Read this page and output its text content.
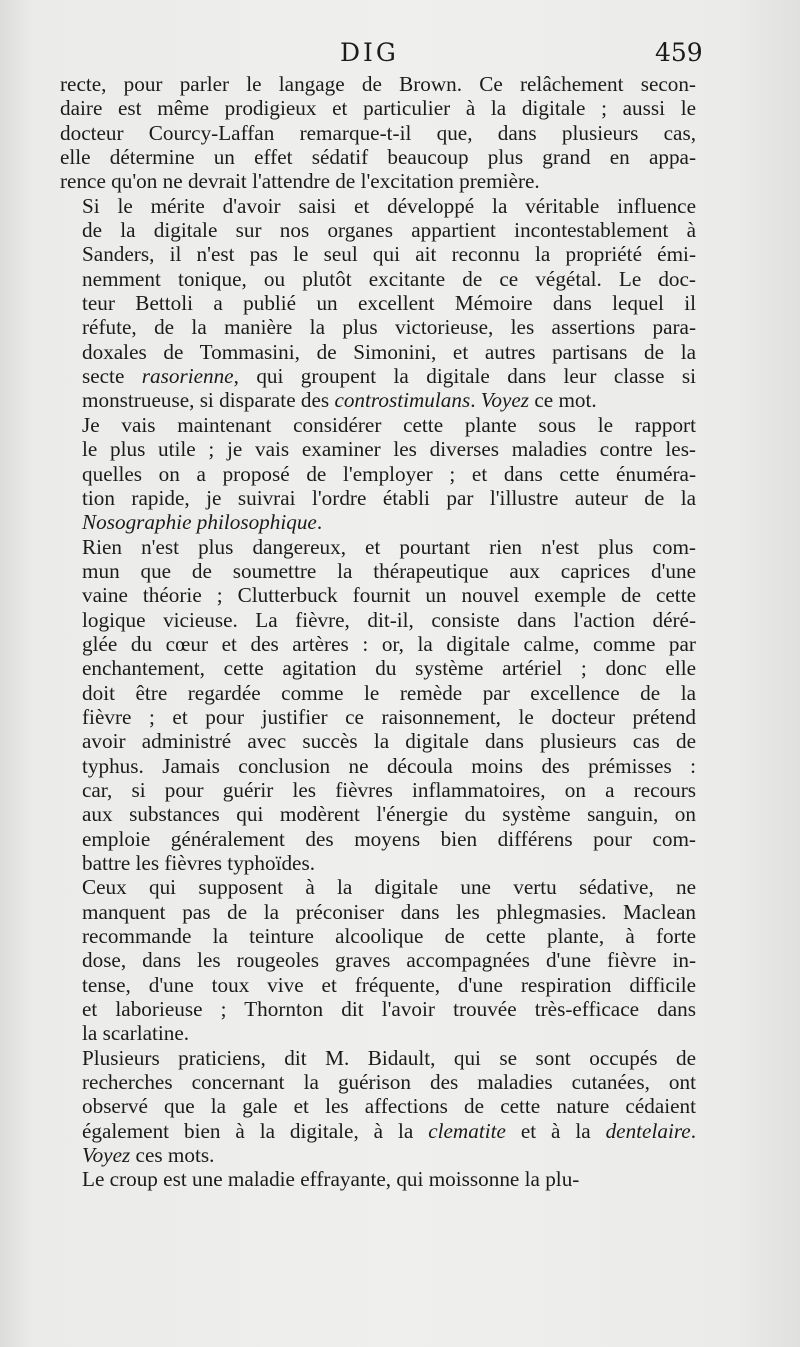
DIG	459
recte, pour parler le langage de Brown. Ce relâchement secon-
daire est même prodigieux et particulier à la digitale ; aussi le
docteur Courcy-Laffan remarque-t-il que, dans plusieurs cas,
elle détermine un effet sédatif beaucoup plus grand en appa-
rence qu'on ne devrait l'attendre de l'excitation première.
Si le mérite d'avoir saisi et développé la véritable influence
de la digitale sur nos organes appartient incontestablement à
Sanders, il n'est pas le seul qui ait reconnu la propriété émi-
nemment tonique, ou plutôt excitante de ce végétal. Le doc-
teur Bettoli a publié un excellent Mémoire dans lequel il
réfute, de la manière la plus victorieuse, les assertions para-
doxales de Tommasini, de Simonini, et autres partisans de la
secte rasorienne, qui groupent la digitale dans leur classe si
monstrueuse, si disparate des controstimulans. Voyez ce mot.
Je vais maintenant considérer cette plante sous le rapport
le plus utile ; je vais examiner les diverses maladies contre les-
quelles on a proposé de l'employer ; et dans cette énuméra-
tion rapide, je suivrai l'ordre établi par l'illustre auteur de la
Nosographie philosophique.
Rien n'est plus dangereux, et pourtant rien n'est plus com-
mun que de soumettre la thérapeutique aux caprices d'une
vaine théorie ; Clutterbuck fournit un nouvel exemple de cette
logique vicieuse. La fièvre, dit-il, consiste dans l'action déré-
glée du cœur et des artères : or, la digitale calme, comme par
enchantement, cette agitation du système artériel ; donc elle
doit être regardée comme le remède par excellence de la
fièvre ; et pour justifier ce raisonnement, le docteur prétend
avoir administré avec succès la digitale dans plusieurs cas de
typhus. Jamais conclusion ne découla moins des prémisses :
car, si pour guérir les fièvres inflammatoires, on a recours
aux substances qui modèrent l'énergie du système sanguin, on
emploie généralement des moyens bien différens pour com-
battre les fièvres typhoïdes.
Ceux qui supposent à la digitale une vertu sédative, ne
manquent pas de la préconiser dans les phlegmasies. Maclean
recommande la teinture alcoolique de cette plante, à forte
dose, dans les rougeoles graves accompagnées d'une fièvre in-
tense, d'une toux vive et fréquente, d'une respiration difficile
et laborieuse ; Thornton dit l'avoir trouvée très-efficace dans
la scarlatine.
Plusieurs praticiens, dit M. Bidault, qui se sont occupés de
recherches concernant la guérison des maladies cutanées, ont
observé que la gale et les affections de cette nature cédaient
également bien à la digitale, à la clematite et à la dentelaire.
Voyez ces mots.
Le croup est une maladie effrayante, qui moissonne la plu-
